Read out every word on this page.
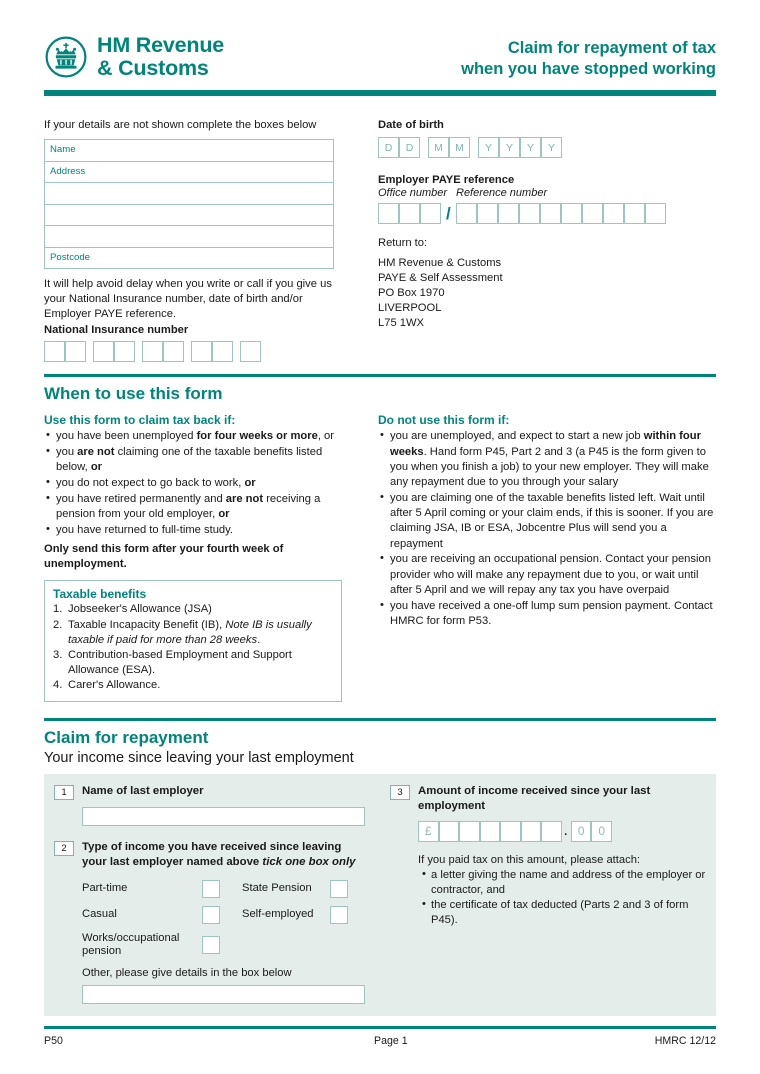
HM Revenue
& Customs
Claim for repayment of tax
when you have stopped working
If your details are not shown complete the boxes below
Name
Address
Postcode
It will help avoid delay when you write or call if you give us your National Insurance number, date of birth and/or Employer PAYE reference.
National Insurance number
Date of birth
D	D	M	M	Y	Y	Y	Y
Employer PAYE reference
Office number Reference number
/
Return to:
HM Revenue & Customs
PAYE & Self Assessment
PO Box 1970
LIVERPOOL
L75 1WX
When to use this form
Use this form to claim tax back if:
• you have been unemployed for four weeks or more, or
• you are not claiming one of the taxable benefits listed below, or
• you do not expect to go back to work, or
• you have retired permanently and are not receiving a pension from your old employer, or
• you have returned to full-time study.
Only send this form after your fourth week of unemployment.
Taxable benefits
1. Jobseeker's Allowance (JSA)
2. Taxable Incapacity Benefit (IB), Note IB is usually taxable if paid for more than 28 weeks.
3. Contribution-based Employment and Support Allowance (ESA).
4. Carer's Allowance.
Do not use this form if:
• you are unemployed, and expect to start a new job within four weeks. Hand form P45, Part 2 and 3 (a P45 is the form given to you when you finish a job) to your new employer. They will make any repayment due to you through your salary
• you are claiming one of the taxable benefits listed left. Wait until after 5 April coming or your claim ends, if this is sooner. If you are claiming JSA, IB or ESA, Jobcentre Plus will send you a repayment
• you are receiving an occupational pension. Contact your pension provider who will make any repayment due to you, or wait until after 5 April and we will repay any tax you have overpaid
• you have received a one-off lump sum pension payment. Contact HMRC for form P53.
Claim for repayment
Your income since leaving your last employment
1	Name of last employer
2	Type of income you have received since leaving your last employer named above tick one box only
Part-time	State Pension
Casual	Self-employed
Works/occupational pension
Other, please give details in the box below
3	Amount of income received since your last employment
£	. 0	0
If you paid tax on this amount, please attach:
• a letter giving the name and address of the employer or contractor, and
• the certificate of tax deducted (Parts 2 and 3 of form P45).
P50	Page 1	HMRC 12/12
